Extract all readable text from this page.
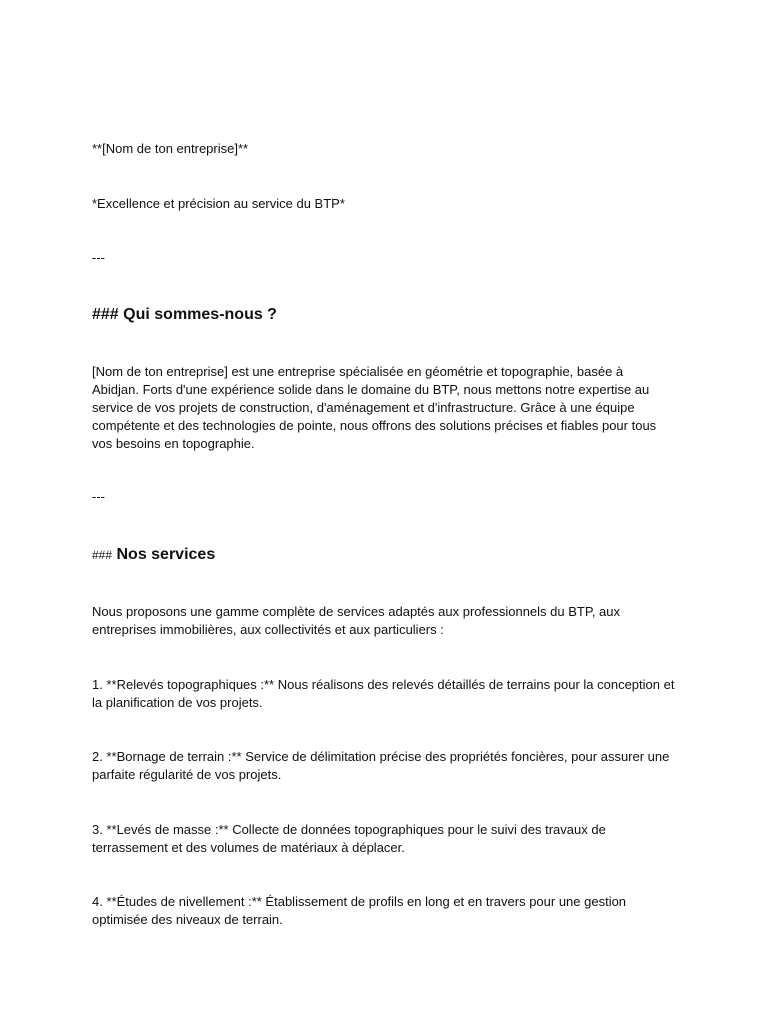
**[Nom de ton entreprise]**
*Excellence et précision au service du BTP*
---
### Qui sommes-nous ?
[Nom de ton entreprise] est une entreprise spécialisée en géométrie et topographie, basée à Abidjan. Forts d'une expérience solide dans le domaine du BTP, nous mettons notre expertise au service de vos projets de construction, d'aménagement et d'infrastructure. Grâce à une équipe compétente et des technologies de pointe, nous offrons des solutions précises et fiables pour tous vos besoins en topographie.
---
### Nos services
Nous proposons une gamme complète de services adaptés aux professionnels du BTP, aux entreprises immobilières, aux collectivités et aux particuliers :
1. **Relevés topographiques :** Nous réalisons des relevés détaillés de terrains pour la conception et la planification de vos projets.
2. **Bornage de terrain :** Service de délimitation précise des propriétés foncières, pour assurer une parfaite régularité de vos projets.
3. **Levés de masse :** Collecte de données topographiques pour le suivi des travaux de terrassement et des volumes de matériaux à déplacer.
4. **Études de nivellement :** Établissement de profils en long et en travers pour une gestion optimisée des niveaux de terrain.
